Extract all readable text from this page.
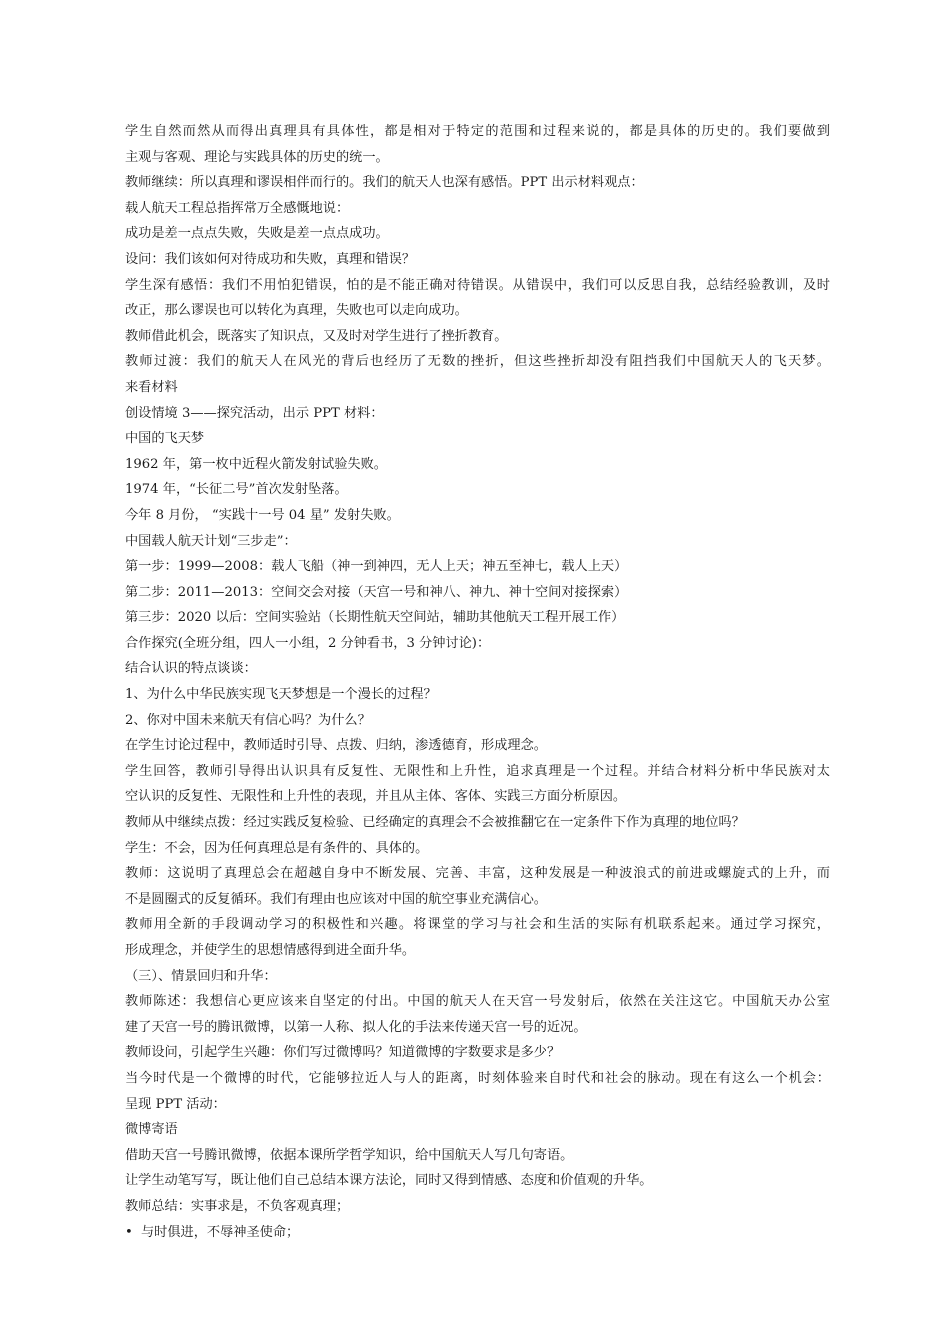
学生自然而然从而得出真理具有具体性，都是相对于特定的范围和过程来说的，都是具体的历史的。我们要做到
主观与客观、理论与实践具体的历史的统一。
教师继续：所以真理和谬误相伴而行的。我们的航天人也深有感悟。PPT 出示材料观点：
载人航天工程总指挥常万全感慨地说：
成功是差一点点失败，失败是差一点点成功。
设问：我们该如何对待成功和失败，真理和错误？
学生深有感悟：我们不用怕犯错误，怕的是不能正确对待错误。从错误中，我们可以反思自我，总结经验教训，及时
改正，那么谬误也可以转化为真理，失败也可以走向成功。
教师借此机会，既落实了知识点，又及时对学生进行了挫折教育。
教师过渡：我们的航天人在风光的背后也经历了无数的挫折，但这些挫折却没有阻挡我们中国航天人的飞天梦。
来看材料
创设情境 3——探究活动，出示 PPT 材料：
中国的飞天梦
1962 年，第一枚中近程火箭发射试验失败。
1974 年，“长征二号”首次发射坠落。
今年 8 月份， “实践十一号 04 星” 发射失败。
中国载人航天计划“三步走”：
第一步：1999—2008：载人飞船（神一到神四，无人上天；神五至神七，载人上天）
第二步：2011—2013：空间交会对接（天宫一号和神八、神九、神十空间对接探索）
第三步：2020 以后：空间实验站（长期性航天空间站，辅助其他航天工程开展工作）
合作探究(全班分组，四人一小组，2 分钟看书，3 分钟讨论)：
结合认识的特点谈谈：
1、为什么中华民族实现飞天梦想是一个漫长的过程？
2、你对中国未来航天有信心吗？为什么？
在学生讨论过程中，教师适时引导、点拨、归纳，渗透德育，形成理念。
学生回答，教师引导得出认识具有反复性、无限性和上升性，追求真理是一个过程。并结合材料分析中华民族对太
空认识的反复性、无限性和上升性的表现，并且从主体、客体、实践三方面分析原因。
教师从中继续点拨：经过实践反复检验、已经确定的真理会不会被推翻它在一定条件下作为真理的地位吗？
学生：不会，因为任何真理总是有条件的、具体的。
教师：这说明了真理总会在超越自身中不断发展、完善、丰富，这种发展是一种波浪式的前进或螺旋式的上升，而
不是圆圈式的反复循环。我们有理由也应该对中国的航空事业充满信心。
教师用全新的手段调动学习的积极性和兴趣。将课堂的学习与社会和生活的实际有机联系起来。通过学习探究，
形成理念，并使学生的思想情感得到进全面升华。
（三）、情景回归和升华：
教师陈述：我想信心更应该来自坚定的付出。中国的航天人在天宫一号发射后，依然在关注这它。中国航天办公室
建了天宫一号的腾讯微博，以第一人称、拟人化的手法来传递天宫一号的近况。
教师设问，引起学生兴趣：你们写过微博吗？知道微博的字数要求是多少？
当今时代是一个微博的时代，它能够拉近人与人的距离，时刻体验来自时代和社会的脉动。现在有这么一个机会：
呈现 PPT 活动：
微博寄语
借助天宫一号腾讯微博，依据本课所学哲学知识，给中国航天人写几句寄语。
让学生动笔写写，既让他们自己总结本课方法论，同时又得到情感、态度和价值观的升华。
教师总结：实事求是，不负客观真理；
• 与时俱进，不辱神圣使命；
